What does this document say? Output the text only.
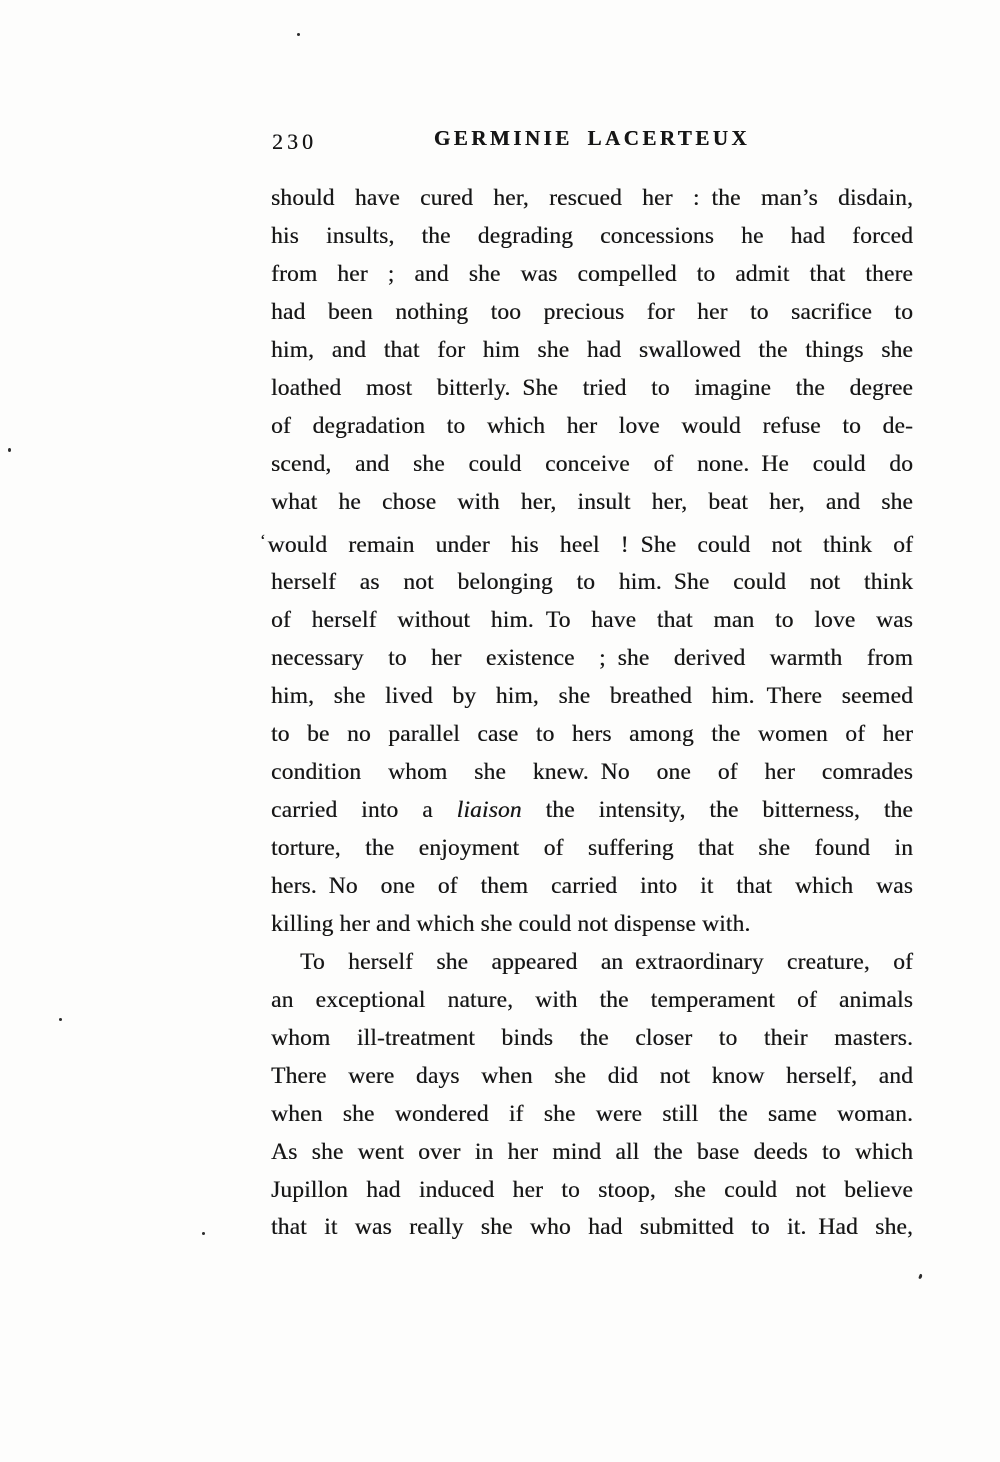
230	GERMINIE LACERTEUX
should have cured her, rescued her : the man’s disdain,
his insults, the degrading concessions he had forced
from her ; and she was compelled to admit that there
had been nothing too precious for her to sacrifice to
him, and that for him she had swallowed the things she
loathed most bitterly. She tried to imagine the degree
of degradation to which her love would refuse to de-
scend, and she could conceive of none. He could do
what he chose with her, insult her, beat her, and she
‘would remain under his heel ! She could not think of
herself as not belonging to him. She could not think
of herself without him. To have that man to love was
necessary to her existence ; she derived warmth from
him, she lived by him, she breathed him. There seemed
to be no parallel case to hers among the women of her
condition whom she knew. No one of her comrades
carried into a liaison the intensity, the bitterness, the
torture, the enjoyment of suffering that she found in
hers. No one of them carried into it that which was
killing her and which she could not dispense with.
To herself she appeared an extraordinary creature, of
an exceptional nature, with the temperament of animals
whom ill-treatment binds the closer to their masters.
There were days when she did not know herself, and
when she wondered if she were still the same woman.
As she went over in her mind all the base deeds to which
Jupillon had induced her to stoop, she could not believe
that it was really she who had submitted to it. Had she,
